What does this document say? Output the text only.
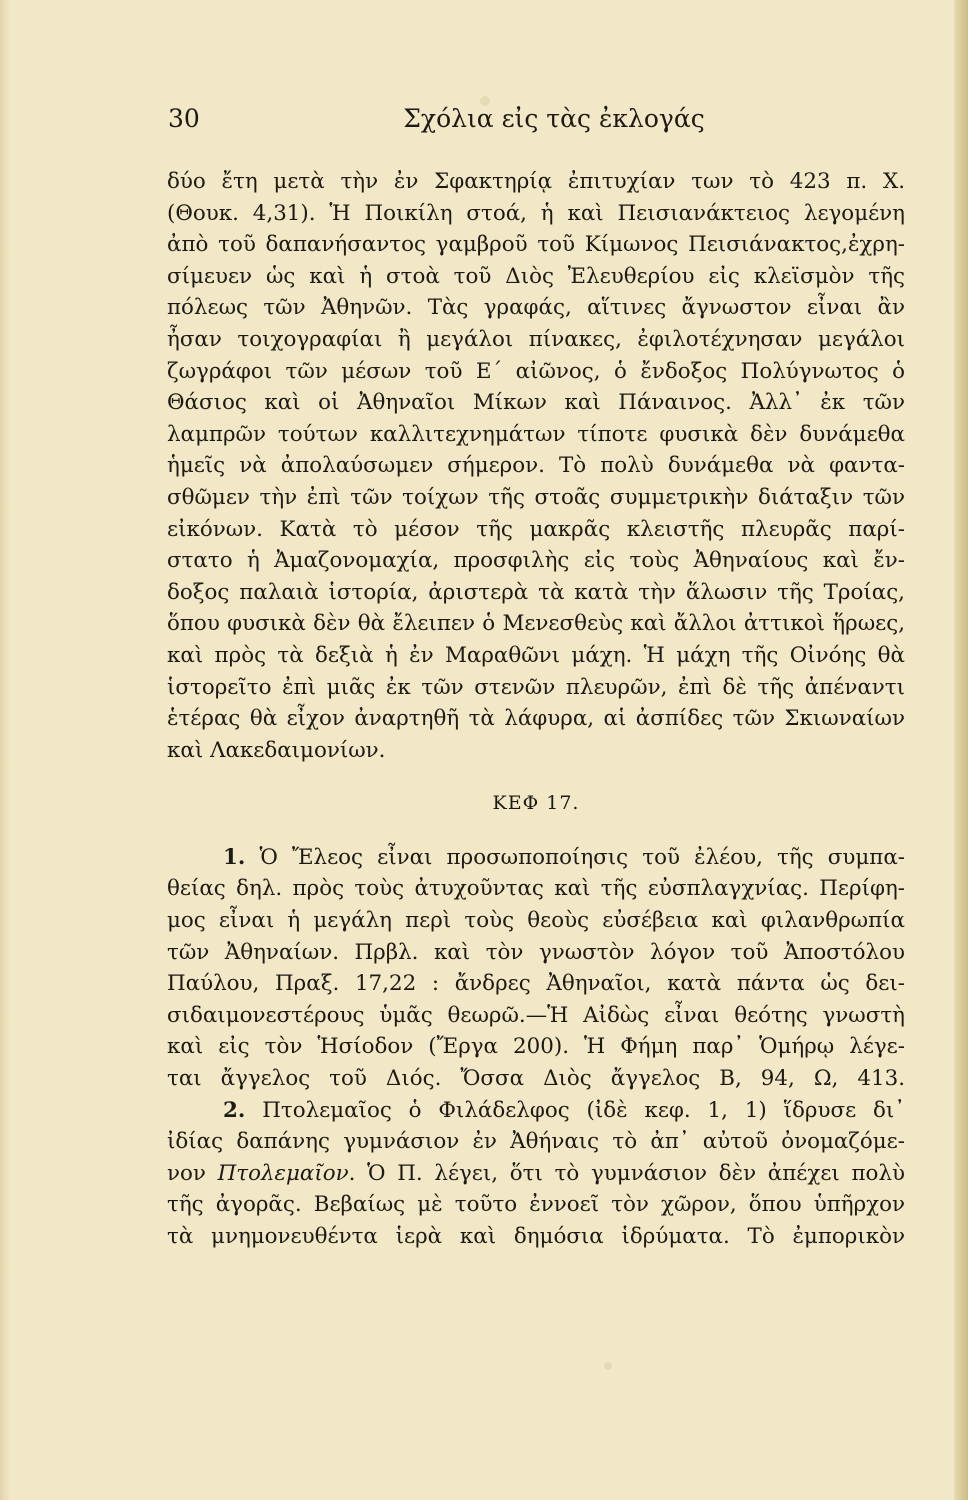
30	Σχόλια εἰς τὰς ἐκλογάς
δύο ἔτη μετὰ τὴν ἐν Σφακτηρίᾳ ἐπιτυχίαν των τὸ 423 π. Χ.
(Θουκ. 4,31). Ἡ Ποικίλη στοά, ἡ καὶ Πεισιανάκτειος λεγομένη
ἀπὸ τοῦ δαπανήσαντος γαμβροῦ τοῦ Κίμωνος Πεισιάνακτος,ἐχρη-
σίμευεν ὡς καὶ ἡ στοὰ τοῦ Διὸς Ἐλευθερίου εἰς κλεϊσμὸν τῆς
πόλεως τῶν Ἀθηνῶν. Τὰς γραφάς, αἵτινες ἄγνωστον εἶναι ἂν
ἦσαν τοιχογραφίαι ἢ μεγάλοι πίνακες, ἐφιλοτέχνησαν μεγάλοι
ζωγράφοι τῶν μέσων τοῦ Ε΄ αἰῶνος, ὁ ἔνδοξος Πολύγνωτος ὁ
Θάσιος καὶ οἱ Ἀθηναῖοι Μίκων καὶ Πάναινος. Ἀλλ᾽ ἐκ τῶν
λαμπρῶν τούτων καλλιτεχνημάτων τίποτε φυσικὰ δὲν δυνάμεθα
ἡμεῖς νὰ ἀπολαύσωμεν σήμερον. Τὸ πολὺ δυνάμεθα νὰ φαντα-
σθῶμεν τὴν ἐπὶ τῶν τοίχων τῆς στοᾶς συμμετρικὴν διάταξιν τῶν
εἰκόνων. Κατὰ τὸ μέσον τῆς μακρᾶς κλειστῆς πλευρᾶς παρί-
στατο ἡ Ἀμαζονομαχία, προσφιλὴς εἰς τοὺς Ἀθηναίους καὶ ἔν-
δοξος παλαιὰ ἱστορία, ἀριστερὰ τὰ κατὰ τὴν ἅλωσιν τῆς Τροίας,
ὅπου φυσικὰ δὲν θὰ ἔλειπεν ὁ Μενεσθεὺς καὶ ἄλλοι ἀττικοὶ ἥρωες,
καὶ πρὸς τὰ δεξιὰ ἡ ἐν Μαραθῶνι μάχη. Ἡ μάχη τῆς Οἰνόης θὰ
ἱστορεῖτο ἐπὶ μιᾶς ἐκ τῶν στενῶν πλευρῶν, ἐπὶ δὲ τῆς ἀπέναντι
ἑτέρας θὰ εἶχον ἀναρτηθῆ τὰ λάφυρα, αἱ ἀσπίδες τῶν Σκιωναίων
καὶ Λακεδαιμονίων.
ΚΕΦ 17.
1. Ὁ Ἔλεος εἶναι προσωποποίησις τοῦ ἐλέου, τῆς συμπα-
θείας δηλ. πρὸς τοὺς ἀτυχοῦντας καὶ τῆς εὐσπλαγχνίας. Περίφη-
μος εἶναι ἡ μεγάλη περὶ τοὺς θεοὺς εὐσέβεια καὶ φιλανθρωπία
τῶν Ἀθηναίων. Πρβλ. καὶ τὸν γνωστὸν λόγον τοῦ Ἀποστόλου
Παύλου, Πραξ. 17,22 : ἄνδρες Ἀθηναῖοι, κατὰ πάντα ὡς δει-
σιδαιμονεστέρους ὑμᾶς θεωρῶ.—Ἡ Αἰδὼς εἶναι θεότης γνωστὴ
καὶ εἰς τὸν Ἡσίοδον (Ἔργα 200). Ἡ Φήμη παρ᾽ Ὁμήρῳ λέγε-
ται ἄγγελος τοῦ Διός. Ὄσσα Διὸς ἄγγελος Β, 94, Ω, 413.
2. Πτολεμαῖος ὁ Φιλάδελφος (ἰδὲ κεφ. 1, 1) ἵδρυσε δι᾽
ἰδίας δαπάνης γυμνάσιον ἐν Ἀθήναις τὸ ἀπ᾽ αὐτοῦ ὀνομαζόμε-
νον Πτολεμαῖον. Ὁ Π. λέγει, ὅτι τὸ γυμνάσιον δὲν ἀπέχει πολὺ
τῆς ἀγορᾶς. Βεβαίως μὲ τοῦτο ἐννοεῖ τὸν χῶρον, ὅπου ὑπῆρχον
τὰ μνημονευθέντα ἱερὰ καὶ δημόσια ἱδρύματα. Τὸ ἐμπορικὸν
